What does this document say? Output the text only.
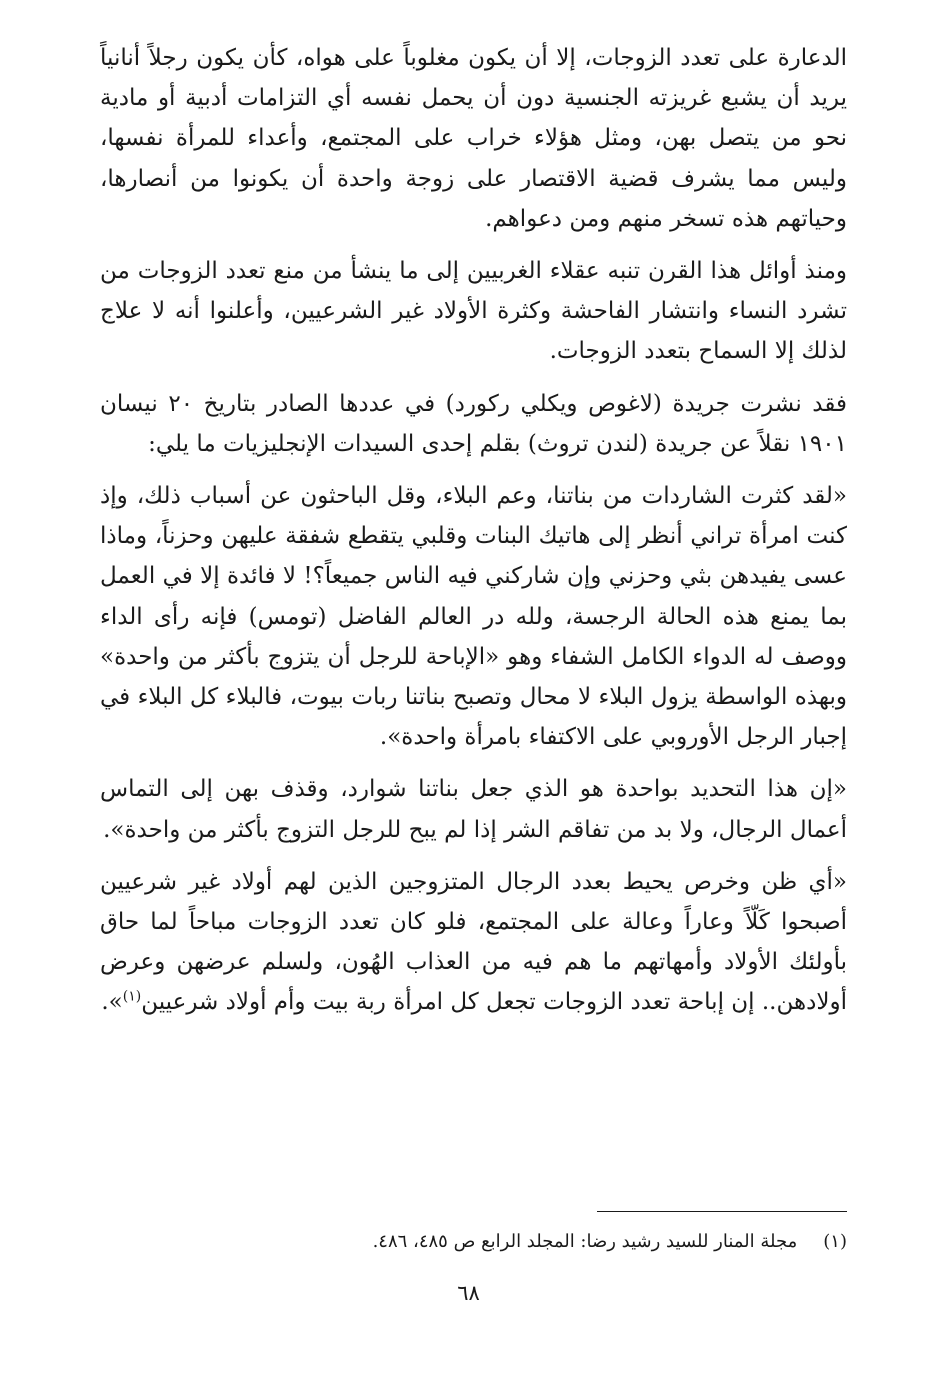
الدعارة على تعدد الزوجات، إلا أن يكون مغلوباً على هواه، كأن يكون رجلاً أنانياً يريد أن يشبع غريزته الجنسية دون أن يحمل نفسه أي التزامات أدبية أو مادية نحو من يتصل بهن، ومثل هؤلاء خراب على المجتمع، وأعداء للمرأة نفسها، وليس مما يشرف قضية الاقتصار على زوجة واحدة أن يكونوا من أنصارها، وحياتهم هذه تسخر منهم ومن دعواهم.

ومنذ أوائل هذا القرن تنبه عقلاء الغربيين إلى ما ينشأ من منع تعدد الزوجات من تشرد النساء وانتشار الفاحشة وكثرة الأولاد غير الشرعيين، وأعلنوا أنه لا علاج لذلك إلا السماح بتعدد الزوجات.

فقد نشرت جريدة (لاغوص ويكلي ركورد) في عددها الصادر بتاريخ ٢٠ نيسان ١٩٠١ نقلاً عن جريدة (لندن تروث) بقلم إحدى السيدات الإنجليزيات ما يلي:

«لقد كثرت الشاردات من بناتنا، وعم البلاء، وقل الباحثون عن أسباب ذلك، وإذ كنت امرأة تراني أنظر إلى هاتيك البنات وقلبي يتقطع شفقة عليهن وحزناً، وماذا عسى يفيدهن بثي وحزني وإن شاركني فيه الناس جميعاً؟! لا فائدة إلا في العمل بما يمنع هذه الحالة الرجسة، ولله در العالم الفاضل (تومس) فإنه رأى الداء ووصف له الدواء الكامل الشفاء وهو «الإباحة للرجل أن يتزوج بأكثر من واحدة» وبهذه الواسطة يزول البلاء لا محال وتصبح بناتنا ربات بيوت، فالبلاء كل البلاء في إجبار الرجل الأوروبي على الاكتفاء بامرأة واحدة».

«إن هذا التحديد بواحدة هو الذي جعل بناتنا شوارد، وقذف بهن إلى التماس أعمال الرجال، ولا بد من تفاقم الشر إذا لم يبح للرجل التزوج بأكثر من واحدة».

«أي ظن وخرص يحيط بعدد الرجال المتزوجين الذين لهم أولاد غير شرعيين أصبحوا كَلّاً وعاراً وعالة على المجتمع، فلو كان تعدد الزوجات مباحاً لما حاق بأولئك الأولاد وأمهاتهم ما هم فيه من العذاب الهُون، ولسلم عرضهن وعرض أولادهن.. إن إباحة تعدد الزوجات تجعل كل امرأة ربة بيت وأم أولاد شرعيين$^{(١)}$».

(١)مجلة المنار للسيد رشيد رضا: المجلد الرابع ص ٤٨٥، ٤٨٦.
٦٨
